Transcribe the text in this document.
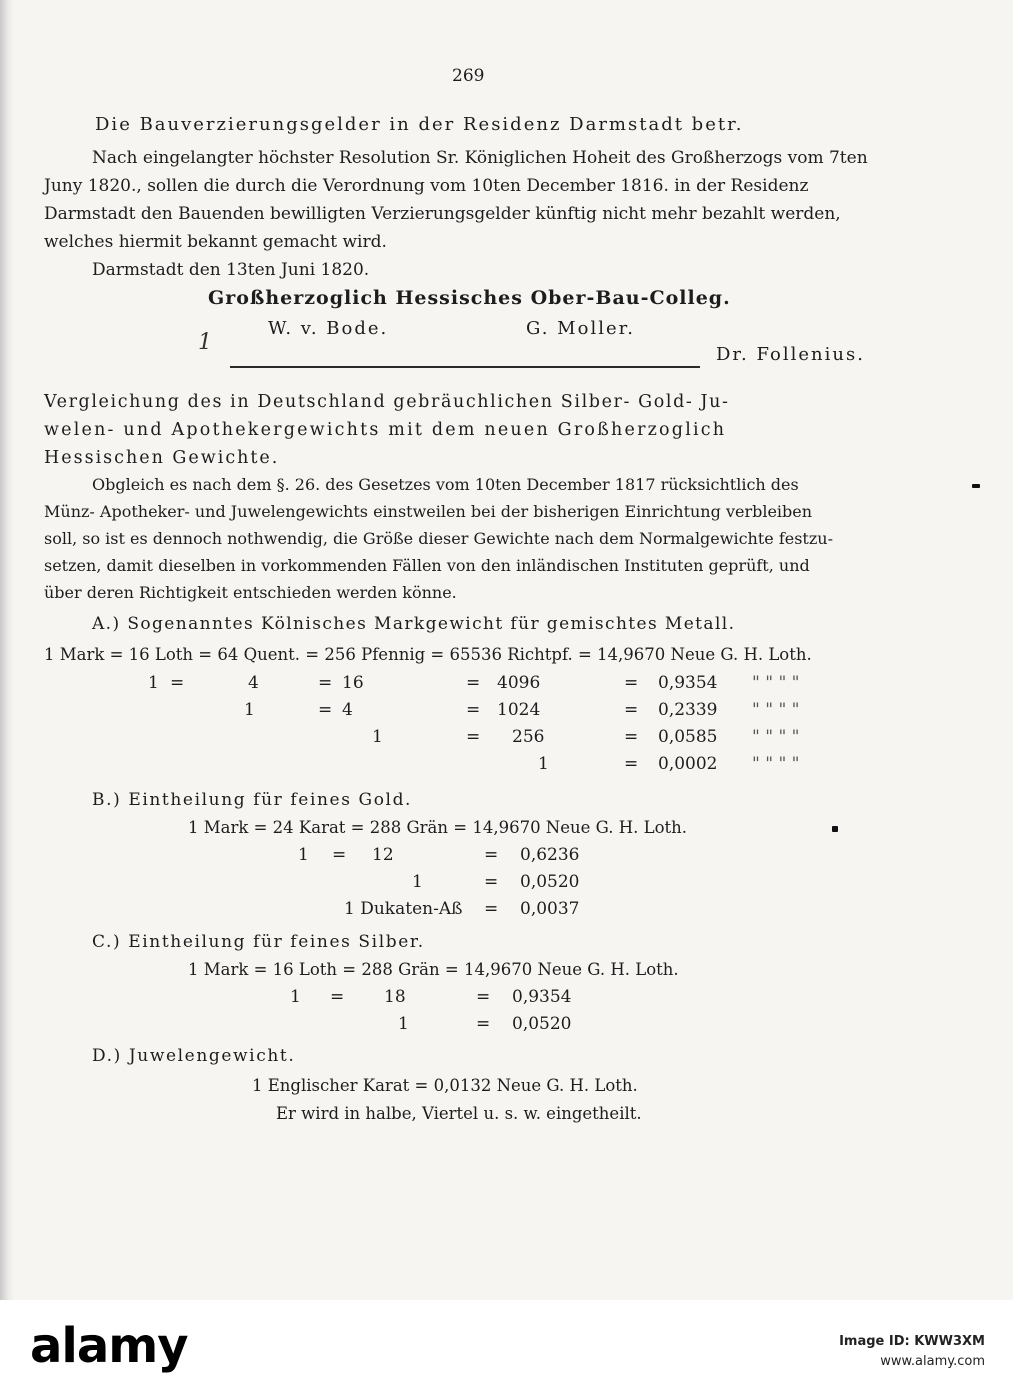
269
Die Bauverzierungsgelder in der Residenz Darmstadt betr.
Nach eingelangter höchster Resolution Sr. Königlichen Hoheit des Großherzogs vom 7ten
Juny 1820., sollen die durch die Verordnung vom 10ten December 1816. in der Residenz
Darmstadt den Bauenden bewilligten Verzierungsgelder künftig nicht mehr bezahlt werden,
welches hiermit bekannt gemacht wird.
Darmstadt den 13ten Juni 1820.
Großherzoglich Hessisches Ober-Bau-Colleg.
W. v. Bode.	G. Moller.
1	Dr. Follenius.
Vergleichung des in Deutschland gebräuchlichen Silber- Gold- Ju-
welen- und Apothekergewichts mit dem neuen Großherzoglich
Hessischen Gewichte.
Obgleich es nach dem §. 26. des Gesetzes vom 10ten December 1817 rücksichtlich des
Münz- Apotheker- und Juwelengewichts einstweilen bei der bisherigen Einrichtung verbleiben
soll, so ist es dennoch nothwendig, die Größe dieser Gewichte nach dem Normalgewichte festzu-
setzen, damit dieselben in vorkommenden Fällen von den inländischen Instituten geprüft, und
über deren Richtigkeit entschieden werden könne.
A.) Sogenanntes Kölnisches Markgewicht für gemischtes Metall.
1 Mark = 16 Loth = 64 Quent. = 256 Pfennig = 65536 Richtpf. = 14,9670 Neue G. H. Loth.
1 =	4	= 16	= 4096	= 0,9354 " " " "
1	= 4	= 1024	= 0,2339 " " " "
1	= 256	= 0,0585 " " " "
1	= 0,0002 " " " "
B.) Eintheilung für feines Gold.
1 Mark = 24 Karat = 288 Grän = 14,9670 Neue G. H. Loth.
1 = 12	= 0,6236
1	= 0,0520
1 Dukaten-Aß = 0,0037
C.) Eintheilung für feines Silber.
1 Mark = 16 Loth = 288 Grän = 14,9670 Neue G. H. Loth.
1 = 18	= 0,9354
1	= 0,0520
D.) Juwelengewicht.
1 Englischer Karat = 0,0132 Neue G. H. Loth.
Er wird in halbe, Viertel u. s. w. eingetheilt.
alamy	Image ID: KWW3XM
www.alamy.com
